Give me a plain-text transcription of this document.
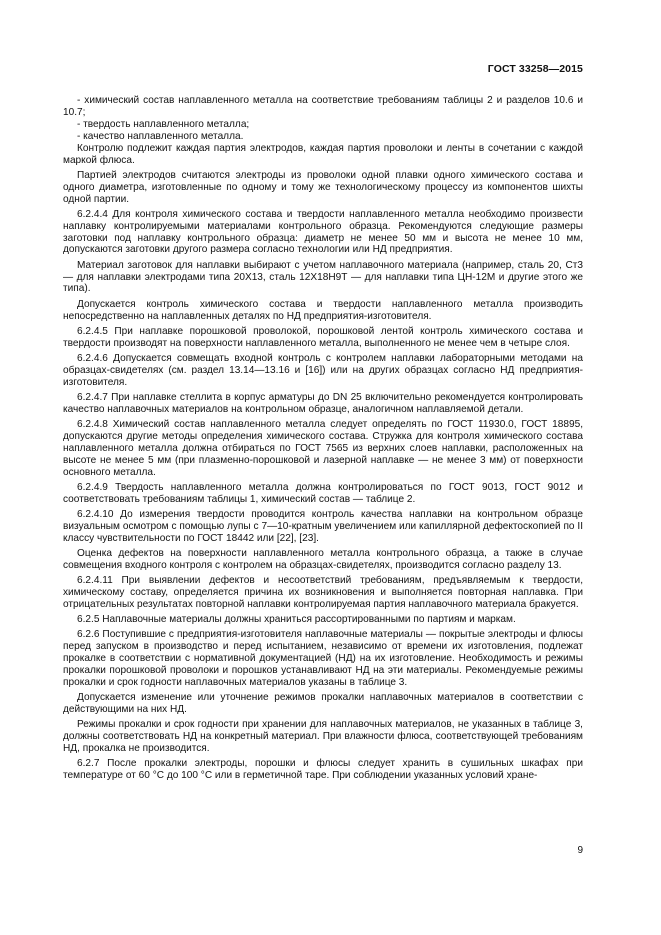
ГОСТ 33258—2015

- химический состав наплавленного металла на соответствие требованиям таблицы 2 и разделов 10.6 и 10.7;

- твердость наплавленного металла;

- качество наплавленного металла.

Контролю подлежит каждая партия электродов, каждая партия проволоки и ленты в сочетании с каждой маркой флюса.

Партией электродов считаются электроды из проволоки одной плавки одного химического состава и одного диаметра, изготовленные по одному и тому же технологическому процессу из компонентов шихты одной партии.

6.2.4.4 Для контроля химического состава и твердости наплавленного металла необходимо произвести наплавку контролируемыми материалами контрольного образца. Рекомендуются следующие размеры заготовки под наплавку контрольного образца: диаметр не менее 50 мм и высота не менее 10 мм, допускаются заготовки другого размера согласно технологии или НД предприятия.

Материал заготовок для наплавки выбирают с учетом наплавочного материала (например, сталь 20, Ст3 — для наплавки электродами типа 20Х13, сталь 12Х18Н9Т — для наплавки типа ЦН-12М и другие этого же типа).

Допускается контроль химического состава и твердости наплавленного металла производить непосредственно на наплавленных деталях по НД предприятия-изготовителя.

6.2.4.5 При наплавке порошковой проволокой, порошковой лентой контроль химического состава и твердости производят на поверхности наплавленного металла, выполненного не менее чем в четыре слоя.

6.2.4.6 Допускается совмещать входной контроль с контролем наплавки лабораторными методами на образцах-свидетелях (см. раздел 13.14—13.16 и [16]) или на других образцах согласно НД предприятия-изготовителя.

6.2.4.7 При наплавке стеллита в корпус арматуры до DN 25 включительно рекомендуется контролировать качество наплавочных материалов на контрольном образце, аналогичном наплавляемой детали.

6.2.4.8 Химический состав наплавленного металла следует определять по ГОСТ 11930.0, ГОСТ 18895, допускаются другие методы определения химического состава. Стружка для контроля химического состава наплавленного металла должна отбираться по ГОСТ 7565 из верхних слоев наплавки, расположенных на высоте не менее 5 мм (при плазменно-порошковой и лазерной наплавке — не менее 3 мм) от поверхности основного металла.

6.2.4.9 Твердость наплавленного металла должна контролироваться по ГОСТ 9013, ГОСТ 9012 и соответствовать требованиям таблицы 1, химический состав — таблице 2.

6.2.4.10 До измерения твердости проводится контроль качества наплавки на контрольном образце визуальным осмотром с помощью лупы с 7—10-кратным увеличением или капиллярной дефектоскопией по II классу чувствительности по ГОСТ 18442 или [22], [23].

Оценка дефектов на поверхности наплавленного металла контрольного образца, а также в случае совмещения входного контроля с контролем на образцах-свидетелях, производится согласно разделу 13.

6.2.4.11 При выявлении дефектов и несоответствий требованиям, предъявляемым к твердости, химическому составу, определяется причина их возникновения и выполняется повторная наплавка. При отрицательных результатах повторной наплавки контролируемая партия наплавочного материала бракуется.

6.2.5 Наплавочные материалы должны храниться рассортированными по партиям и маркам.

6.2.6 Поступившие с предприятия-изготовителя наплавочные материалы — покрытые электроды и флюсы перед запуском в производство и перед испытанием, независимо от времени их изготовления, подлежат прокалке в соответствии с нормативной документацией (НД) на их изготовление. Необходимость и режимы прокалки порошковой проволоки и порошков устанавливают НД на эти материалы. Рекомендуемые режимы прокалки и срок годности наплавочных материалов указаны в таблице 3.

Допускается изменение или уточнение режимов прокалки наплавочных материалов в соответствии с действующими на них НД.

Режимы прокалки и срок годности при хранении для наплавочных материалов, не указанных в таблице 3, должны соответствовать НД на конкретный материал. При влажности флюса, соответствующей требованиям НД, прокалка не производится.

6.2.7 После прокалки электроды, порошки и флюсы следует хранить в сушильных шкафах при температуре от 60 °С до 100 °С или в герметичной таре. При соблюдении указанных условий хране-

9
